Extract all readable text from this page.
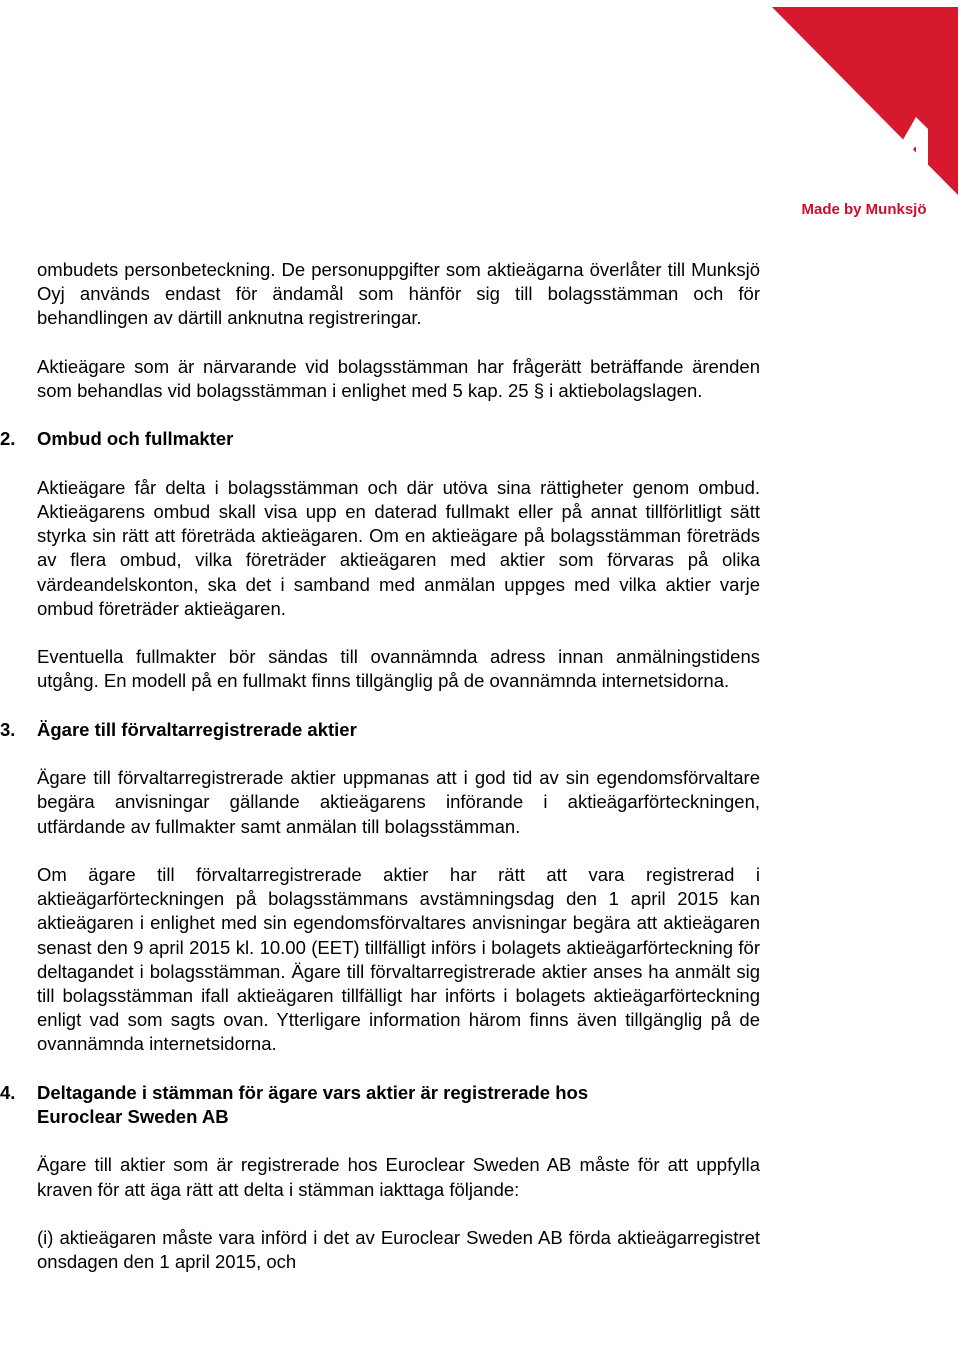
Made by Munksjö

ombudets personbeteckning. De personuppgifter som aktieägarna överlåter till Munksjö Oyj används endast för ändamål som hänför sig till bolagsstämman och för behandlingen av därtill anknutna registreringar.

Aktieägare som är närvarande vid bolagsstämman har frågerätt beträffande ärenden som behandlas vid bolagsstämman i enlighet med 5 kap. 25 § i aktiebolagslagen.

2.	Ombud och fullmakter

Aktieägare får delta i bolagsstämman och där utöva sina rättigheter genom ombud. Aktieägarens ombud skall visa upp en daterad fullmakt eller på annat tillförlitligt sätt styrka sin rätt att företräda aktieägaren. Om en aktieägare på bolagsstämman företräds av flera ombud, vilka företräder aktieägaren med aktier som förvaras på olika värdeandelskonton, ska det i samband med anmälan uppges med vilka aktier varje ombud företräder aktieägaren.

Eventuella fullmakter bör sändas till ovannämnda adress innan anmälningstidens utgång. En modell på en fullmakt finns tillgänglig på de ovannämnda internetsidorna.

3.	Ägare till förvaltarregistrerade aktier

Ägare till förvaltarregistrerade aktier uppmanas att i god tid av sin egendomsförvaltare begära anvisningar gällande aktieägarens införande i aktieägarförteckningen, utfärdande av fullmakter samt anmälan till bolagsstämman.

Om ägare till förvaltarregistrerade aktier har rätt att vara registrerad i aktieägarförteckningen på bolagsstämmans avstämningsdag den 1 april 2015 kan aktieägaren i enlighet med sin egendomsförvaltares anvisningar begära att aktieägaren senast den 9 april 2015 kl. 10.00 (EET) tillfälligt införs i bolagets aktieägarförteckning för deltagandet i bolagsstämman. Ägare till förvaltarregistrerade aktier anses ha anmält sig till bolagsstämman ifall aktieägaren tillfälligt har införts i bolagets aktieägarförteckning enligt vad som sagts ovan. Ytterligare information härom finns även tillgänglig på de ovannämnda internetsidorna.

4.	Deltagande i stämman för ägare vars aktier är registrerade hos Euroclear Sweden AB

Ägare till aktier som är registrerade hos Euroclear Sweden AB måste för att uppfylla kraven för att äga rätt att delta i stämman iakttaga följande:

(i) aktieägaren måste vara införd i det av Euroclear Sweden AB förda aktieägarregistret onsdagen den 1 april 2015, och
